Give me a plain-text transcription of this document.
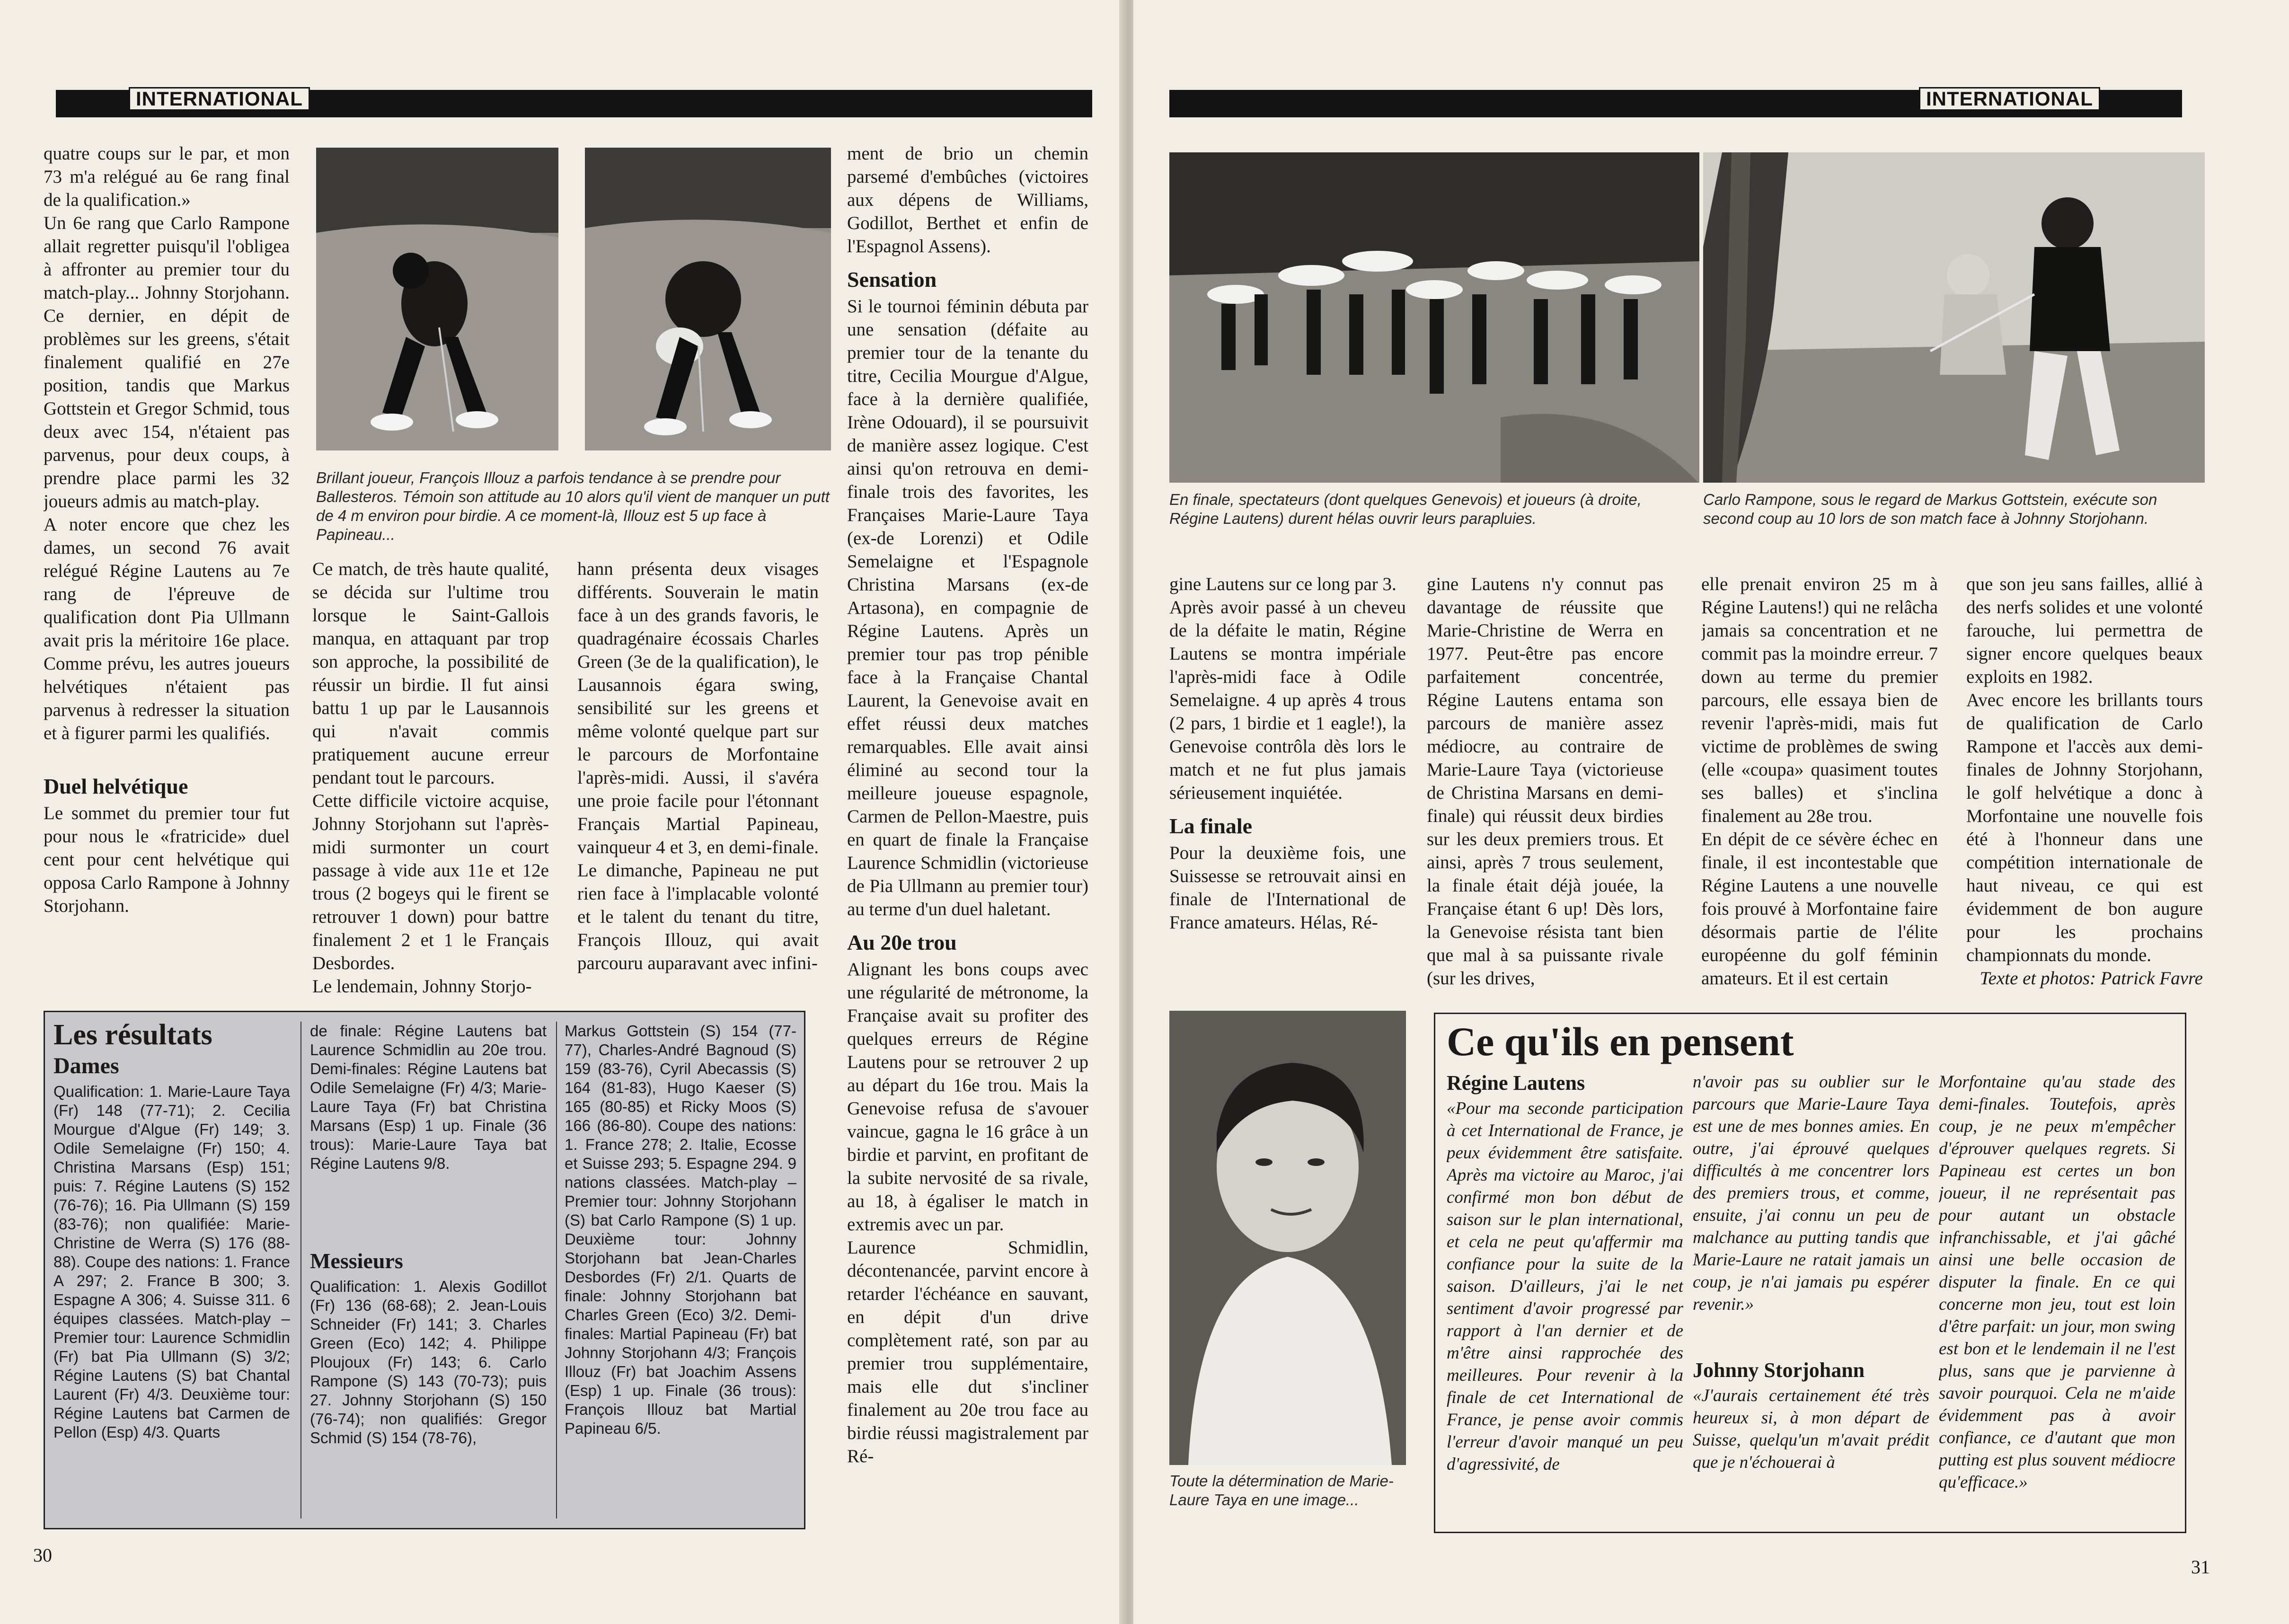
INTERNATIONAL

quatre coups sur le par, et mon 73 m'a relégué au 6e rang final de la qualification.»

Un 6e rang que Carlo Rampone allait regretter puisqu'il l'obligea à affronter au premier tour du match-play... Johnny Storjohann. Ce dernier, en dépit de problèmes sur les greens, s'était finalement qualifié en 27e position, tandis que Markus Gottstein et Gregor Schmid, tous deux avec 154, n'étaient pas parvenus, pour deux coups, à prendre place parmi les 32 joueurs admis au match-play.

A noter encore que chez les dames, un second 76 avait relégué Régine Lautens au 7e rang de l'épreuve de qualification dont Pia Ullmann avait pris la méritoire 16e place. Comme prévu, les autres joueurs helvétiques n'étaient pas parvenus à redresser la situation et à figurer parmi les qualifiés.

Duel helvétique

Le sommet du premier tour fut pour nous le «fratricide» duel cent pour cent helvétique qui opposa Carlo Rampone à Johnny Storjohann.

Brillant joueur, François Illouz a parfois tendance à se prendre pour Ballesteros. Témoin son attitude au 10 alors qu'il vient de manquer un putt de 4 m environ pour birdie. A ce moment-là, Illouz est 5 up face à Papineau...

Ce match, de très haute qualité, se décida sur l'ultime trou lorsque le Saint-Gallois manqua, en attaquant par trop son approche, la possibilité de réussir un birdie. Il fut ainsi battu 1 up par le Lausannois qui n'avait commis pratiquement aucune erreur pendant tout le parcours.

Cette difficile victoire acquise, Johnny Storjohann sut l'après-midi surmonter un court passage à vide aux 11e et 12e trous (2 bogeys qui le firent se retrouver 1 down) pour battre finalement 2 et 1 le Français Desbordes.

Le lendemain, Johnny Storjo-

hann présenta deux visages différents. Souverain le matin face à un des grands favoris, le quadragénaire écossais Charles Green (3e de la qualification), le Lausannois égara swing, sensibilité sur les greens et même volonté quelque part sur le parcours de Morfontaine l'après-midi. Aussi, il s'avéra une proie facile pour l'étonnant Français Martial Papineau, vainqueur 4 et 3, en demi-finale. Le dimanche, Papineau ne put rien face à l'implacable volonté et le talent du tenant du titre, François Illouz, qui avait parcouru auparavant avec infini-

ment de brio un chemin parsemé d'embûches (victoires aux dépens de Williams, Godillot, Berthet et enfin de l'Espagnol Assens).

Sensation

Si le tournoi féminin débuta par une sensation (défaite au premier tour de la tenante du titre, Cecilia Mourgue d'Algue, face à la dernière qualifiée, Irène Odouard), il se poursuivit de manière assez logique. C'est ainsi qu'on retrouva en demi-finale trois des favorites, les Françaises Marie-Laure Taya (ex-de Lorenzi) et Odile Semelaigne et l'Espagnole Christina Marsans (ex-de Artasona), en compagnie de Régine Lautens. Après un premier tour pas trop pénible face à la Française Chantal Laurent, la Genevoise avait en effet réussi deux matches remarquables. Elle avait ainsi éliminé au second tour la meilleure joueuse espagnole, Carmen de Pellon-Maestre, puis en quart de finale la Française Laurence Schmidlin (victorieuse de Pia Ullmann au premier tour) au terme d'un duel haletant.

Au 20e trou

Alignant les bons coups avec une régularité de métronome, la Française avait su profiter des quelques erreurs de Régine Lautens pour se retrouver 2 up au départ du 16e trou. Mais la Genevoise refusa de s'avouer vaincue, gagna le 16 grâce à un birdie et parvint, en profitant de la subite nervosité de sa rivale, au 18, à égaliser le match in extremis avec un par.

Laurence Schmidlin, décontenancée, parvint encore à retarder l'échéance en sauvant, en dépit d'un drive complètement raté, son par au premier trou supplémentaire, mais elle dut s'incliner finalement au 20e trou face au birdie réussi magistralement par Ré-

Les résultats
Dames

Qualification: 1. Marie-Laure Taya (Fr) 148 (77-71); 2. Cecilia Mourgue d'Algue (Fr) 149; 3. Odile Semelaigne (Fr) 150; 4. Christina Marsans (Esp) 151; puis: 7. Régine Lautens (S) 152 (76-76); 16. Pia Ullmann (S) 159 (83-76); non qualifiée: Marie-Christine de Werra (S) 176 (88-88). Coupe des nations: 1. France A 297; 2. France B 300; 3. Espagne A 306; 4. Suisse 311. 6 équipes classées. Match-play – Premier tour: Laurence Schmidlin (Fr) bat Pia Ullmann (S) 3/2; Régine Lautens (S) bat Chantal Laurent (Fr) 4/3. Deuxième tour: Régine Lautens bat Carmen de Pellon (Esp) 4/3. Quarts

de finale: Régine Lautens bat Laurence Schmidlin au 20e trou. Demi-finales: Régine Lautens bat Odile Semelaigne (Fr) 4/3; Marie-Laure Taya (Fr) bat Christina Marsans (Esp) 1 up. Finale (36 trous): Marie-Laure Taya bat Régine Lautens 9/8.

Messieurs

Qualification: 1. Alexis Godillot (Fr) 136 (68-68); 2. Jean-Louis Schneider (Fr) 141; 3. Charles Green (Eco) 142; 4. Philippe Ploujoux (Fr) 143; 6. Carlo Rampone (S) 143 (70-73); puis 27. Johnny Storjohann (S) 150 (76-74); non qualifiés: Gregor Schmid (S) 154 (78-76),

Markus Gottstein (S) 154 (77-77), Charles-André Bagnoud (S) 159 (83-76), Cyril Abecassis (S) 164 (81-83), Hugo Kaeser (S) 165 (80-85) et Ricky Moos (S) 166 (86-80). Coupe des nations: 1. France 278; 2. Italie, Ecosse et Suisse 293; 5. Espagne 294. 9 nations classées. Match-play – Premier tour: Johnny Storjohann (S) bat Carlo Rampone (S) 1 up. Deuxième tour: Johnny Storjohann bat Jean-Charles Desbordes (Fr) 2/1. Quarts de finale: Johnny Storjohann bat Charles Green (Eco) 3/2. Demi-finales: Martial Papineau (Fr) bat Johnny Storjohann 4/3; François Illouz (Fr) bat Joachim Assens (Esp) 1 up. Finale (36 trous): François Illouz bat Martial Papineau 6/5.

30
INTERNATIONAL
En finale, spectateurs (dont quelques Genevois) et joueurs (à droite, Régine Lautens) durent hélas ouvrir leurs parapluies.
Carlo Rampone, sous le regard de Markus Gottstein, exécute son second coup au 10 lors de son match face à Johnny Storjohann.

gine Lautens sur ce long par 3.

Après avoir passé à un cheveu de la défaite le matin, Régine Lautens se montra impériale l'après-midi face à Odile Semelaigne. 4 up après 4 trous (2 pars, 1 birdie et 1 eagle!), la Genevoise contrôla dès lors le match et ne fut plus jamais sérieusement inquiétée.

La finale

Pour la deuxième fois, une Suissesse se retrouvait ainsi en finale de l'International de France amateurs. Hélas, Ré-

gine Lautens n'y connut pas davantage de réussite que Marie-Christine de Werra en 1977. Peut-être pas encore parfaitement concentrée, Régine Lautens entama son parcours de manière assez médiocre, au contraire de Marie-Laure Taya (victorieuse de Christina Marsans en demi-finale) qui réussit deux birdies sur les deux premiers trous. Et ainsi, après 7 trous seulement, la finale était déjà jouée, la Française étant 6 up! Dès lors, la Genevoise résista tant bien que mal à sa puissante rivale (sur les drives,

elle prenait environ 25 m à Régine Lautens!) qui ne relâcha jamais sa concentration et ne commit pas la moindre erreur. 7 down au terme du premier parcours, elle essaya bien de revenir l'après-midi, mais fut victime de problèmes de swing (elle «coupa» quasiment toutes ses balles) et s'inclina finalement au 28e trou.

En dépit de ce sévère échec en finale, il est incontestable que Régine Lautens a une nouvelle fois prouvé à Morfontaine faire désormais partie de l'élite européenne du golf féminin amateurs. Et il est certain

que son jeu sans failles, allié à des nerfs solides et une volonté farouche, lui permettra de signer encore quelques beaux exploits en 1982.

Avec encore les brillants tours de qualification de Carlo Rampone et l'accès aux demi-finales de Johnny Storjohann, le golf helvétique a donc à Morfontaine une nouvelle fois été à l'honneur dans une compétition internationale de haut niveau, ce qui est évidemment de bon augure pour les prochains championnats du monde.

Texte et photos: Patrick Favre

Toute la détermination de Marie-Laure Taya en une image...
Ce qu'ils en pensent
Régine Lautens

«Pour ma seconde participation à cet International de France, je peux évidemment être satisfaite. Après ma victoire au Maroc, j'ai confirmé mon bon début de saison sur le plan international, et cela ne peut qu'affermir ma confiance pour la suite de la saison. D'ailleurs, j'ai le net sentiment d'avoir progressé par rapport à l'an dernier et de m'être ainsi rapprochée des meilleures. Pour revenir à la finale de cet International de France, je pense avoir commis l'erreur d'avoir manqué un peu d'agressivité, de

n'avoir pas su oublier sur le parcours que Marie-Laure Taya est une de mes bonnes amies. En outre, j'ai éprouvé quelques difficultés à me concentrer lors des premiers trous, et comme, ensuite, j'ai connu un peu de malchance au putting tandis que Marie-Laure ne ratait jamais un coup, je n'ai jamais pu espérer revenir.»

Johnny Storjohann

«J'aurais certainement été très heureux si, à mon départ de Suisse, quelqu'un m'avait prédit que je n'échouerai à

Morfontaine qu'au stade des demi-finales. Toutefois, après coup, je ne peux m'empêcher d'éprouver quelques regrets. Si Papineau est certes un bon joueur, il ne représentait pas pour autant un obstacle infranchissable, et j'ai gâché ainsi une belle occasion de disputer la finale. En ce qui concerne mon jeu, tout est loin d'être parfait: un jour, mon swing est bon et le lendemain il ne l'est plus, sans que je parvienne à savoir pourquoi. Cela ne m'aide évidemment pas à avoir confiance, ce d'autant que mon putting est plus souvent médiocre qu'efficace.»

31
